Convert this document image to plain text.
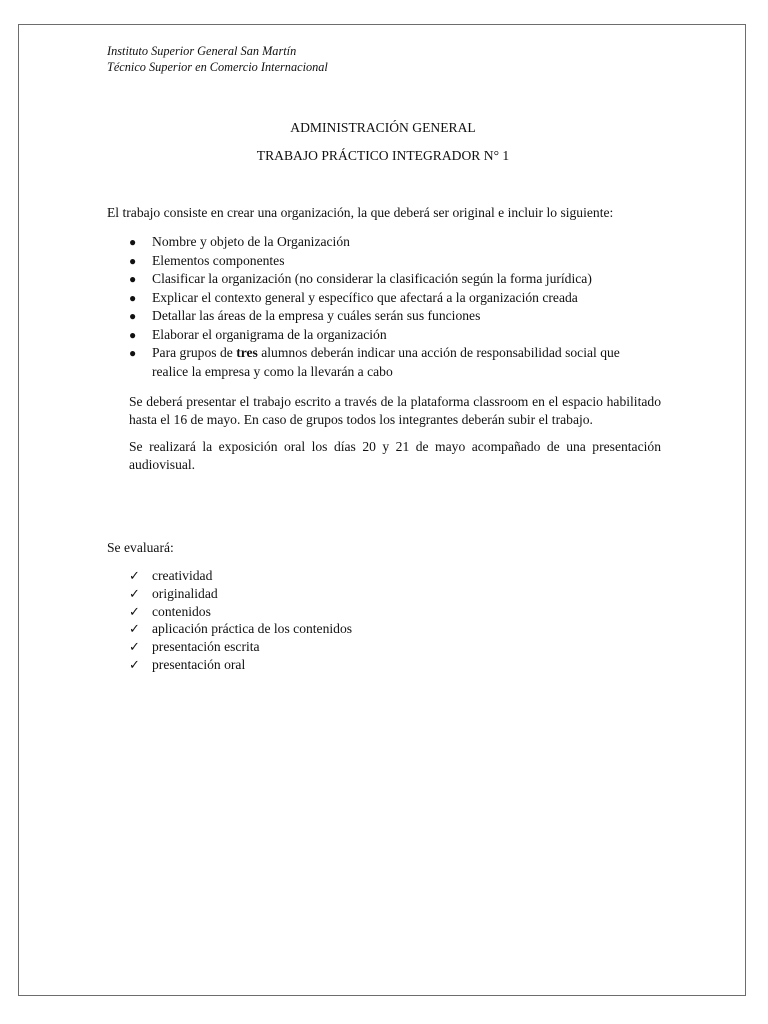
Instituto Superior General San Martín
Técnico Superior en Comercio Internacional
ADMINISTRACIÓN GENERAL
TRABAJO PRÁCTICO INTEGRADOR N° 1
El trabajo consiste en crear una organización, la que deberá ser original e incluir lo siguiente:
● Nombre y objeto de la Organización
● Elementos componentes
● Clasificar la organización (no considerar la clasificación según la forma jurídica)
● Explicar el contexto general y específico que afectará a la organización creada
● Detallar las áreas de la empresa y cuáles serán sus funciones
● Elaborar el organigrama de la organización
● Para grupos de tres alumnos deberán indicar una acción de responsabilidad social que realice la empresa y como la llevarán a cabo

Se deberá presentar el trabajo escrito a través de la plataforma classroom en el espacio habilitado hasta el 16 de mayo. En caso de grupos todos los integrantes deberán subir el trabajo.

Se realizará la exposición oral los días 20 y 21 de mayo acompañado de una presentación audiovisual.

Se evaluará:
✓ creatividad
✓ originalidad
✓ contenidos
✓ aplicación práctica de los contenidos
✓ presentación escrita
✓ presentación oral
